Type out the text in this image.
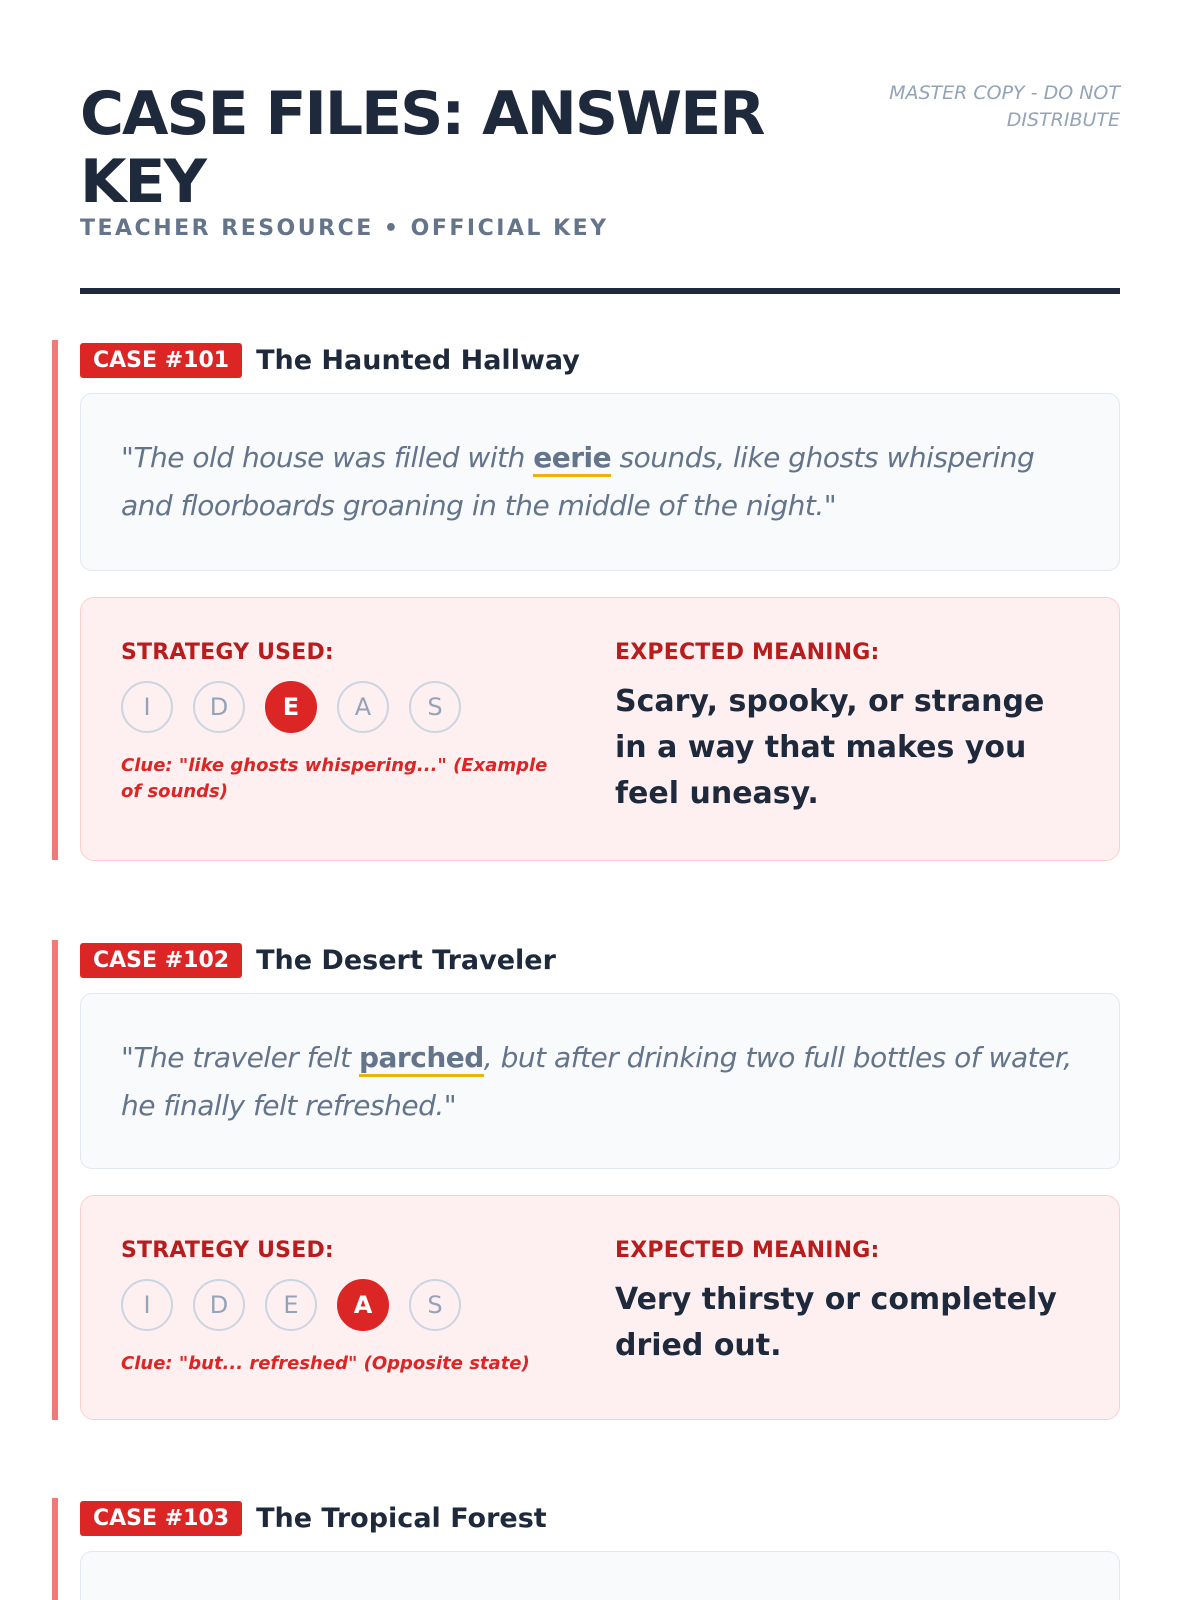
CASE FILES: ANSWER KEY
TEACHER RESOURCE • OFFICIAL KEY
MASTER COPY - DO NOT DISTRIBUTE
CASE #101	The Haunted Hallway

"The old house was filled with eerie sounds, like ghosts whispering and floorboards groaning in the middle of the night."

STRATEGY USED:
I	D	E	A	S
Clue: "like ghosts whispering..." (Example of sounds)
EXPECTED MEANING:
Scary, spooky, or strange in a way that makes you feel uneasy.
CASE #102	The Desert Traveler

"The traveler felt parched, but after drinking two full bottles of water, he finally felt refreshed."

STRATEGY USED:
I	D	E	A	S
Clue: "but... refreshed" (Opposite state)
EXPECTED MEANING:
Very thirsty or completely dried out.
CASE #103	The Tropical Forest
